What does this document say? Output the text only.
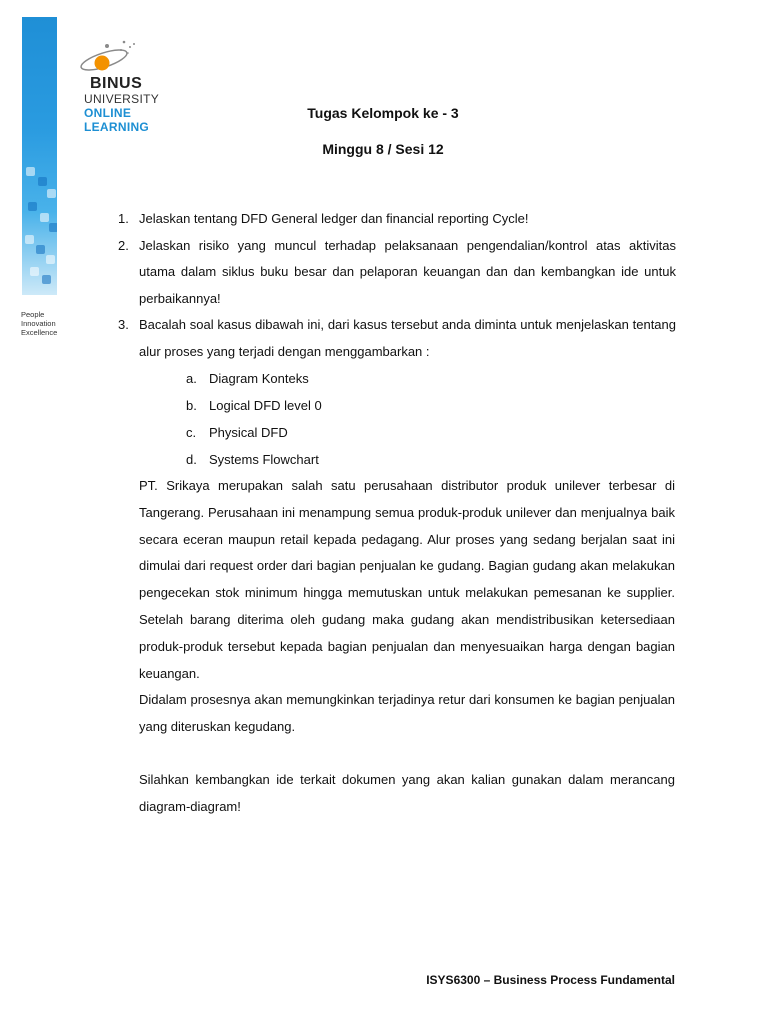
People
Innovation
Excellence
BINUS
UNIVERSITY
ONLINE
LEARNING
Tugas Kelompok ke - 3
Minggu 8 / Sesi 12
1. Jelaskan tentang DFD General ledger dan financial reporting Cycle!
2. Jelaskan risiko yang muncul terhadap pelaksanaan pengendalian/kontrol atas aktivitas utama dalam siklus buku besar dan pelaporan keuangan dan dan kembangkan ide untuk perbaikannya!
3. Bacalah soal kasus dibawah ini, dari kasus tersebut anda diminta untuk menjelaskan tentang alur proses yang terjadi dengan menggambarkan :
a. Diagram Konteks
b. Logical DFD level 0
c. Physical DFD
d. Systems Flowchart

PT. Srikaya merupakan salah satu perusahaan distributor produk unilever terbesar di Tangerang. Perusahaan ini menampung semua produk-produk unilever dan menjualnya baik secara eceran maupun retail kepada pedagang. Alur proses yang sedang berjalan saat ini dimulai dari request order dari bagian penjualan ke gudang. Bagian gudang akan melakukan pengecekan stok minimum hingga memutuskan untuk melakukan pemesanan ke supplier. Setelah barang diterima oleh gudang maka gudang akan mendistribusikan ketersediaan produk-produk tersebut kepada bagian penjualan dan menyesuaikan harga dengan bagian keuangan.

Didalam prosesnya akan memungkinkan terjadinya retur dari konsumen ke bagian penjualan yang diteruskan kegudang.

Silahkan kembangkan ide terkait dokumen yang akan kalian gunakan dalam merancang diagram-diagram!

ISYS6300 – Business Process Fundamental
